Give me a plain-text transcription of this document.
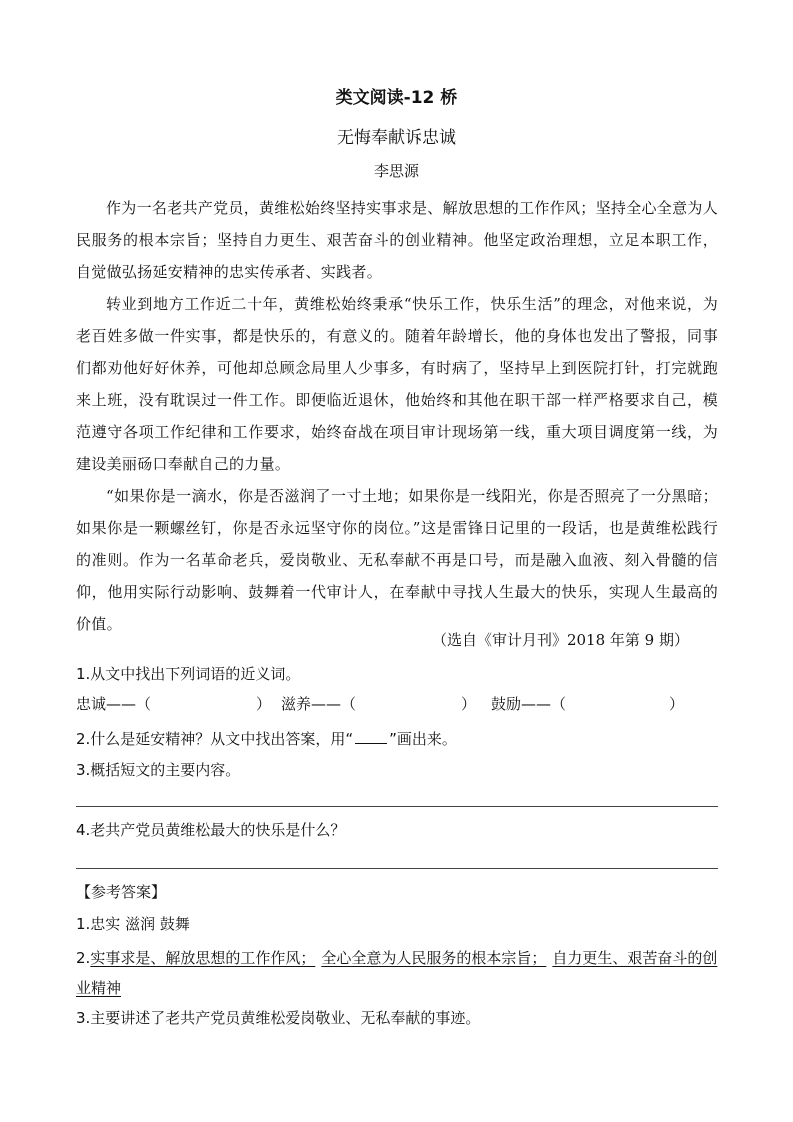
类文阅读-12 桥
无悔奉献诉忠诚
李思源

作为一名老共产党员，黄维松始终坚持实事求是、解放思想的工作作风；坚持全心全意为人民服务的根本宗旨；坚持自力更生、艰苦奋斗的创业精神。他坚定政治理想，立足本职工作，自觉做弘扬延安精神的忠实传承者、实践者。

转业到地方工作近二十年，黄维松始终秉承“快乐工作，快乐生活”的理念，对他来说，为老百姓多做一件实事，都是快乐的，有意义的。随着年龄增长，他的身体也发出了警报，同事们都劝他好好休养，可他却总顾念局里人少事多，有时病了，坚持早上到医院打针，打完就跑来上班，没有耽误过一件工作。即便临近退休，他始终和其他在职干部一样严格要求自己，模范遵守各项工作纪律和工作要求，始终奋战在项目审计现场第一线，重大项目调度第一线，为建设美丽砀口奉献自己的力量。

“如果你是一滴水，你是否滋润了一寸土地；如果你是一线阳光，你是否照亮了一分黑暗；如果你是一颗螺丝钉，你是否永远坚守你的岗位。”这是雷锋日记里的一段话，也是黄维松践行的准则。作为一名革命老兵，爱岗敬业、无私奉献不再是口号，而是融入血液、刻入骨髓的信仰，他用实际行动影响、鼓舞着一代审计人，在奉献中寻找人生最大的快乐，实现人生最高的价值。

（选自《审计月刊》2018 年第 9 期）
1.从文中找出下列词语的近义词。
忠诚——（	） 滋养——（	） 鼓励——（	）
2.什么是延安精神？从文中找出答案，用“ ”画出来。
3.概括短文的主要内容。
4.老共产党员黄维松最大的快乐是什么？
【参考答案】
1.忠实 滋润 鼓舞
2.实事求是、解放思想的工作作风； 全心全意为人民服务的根本宗旨； 自力更生、艰苦奋斗的创业精神
3.主要讲述了老共产党员黄维松爱岗敬业、无私奉献的事迹。
